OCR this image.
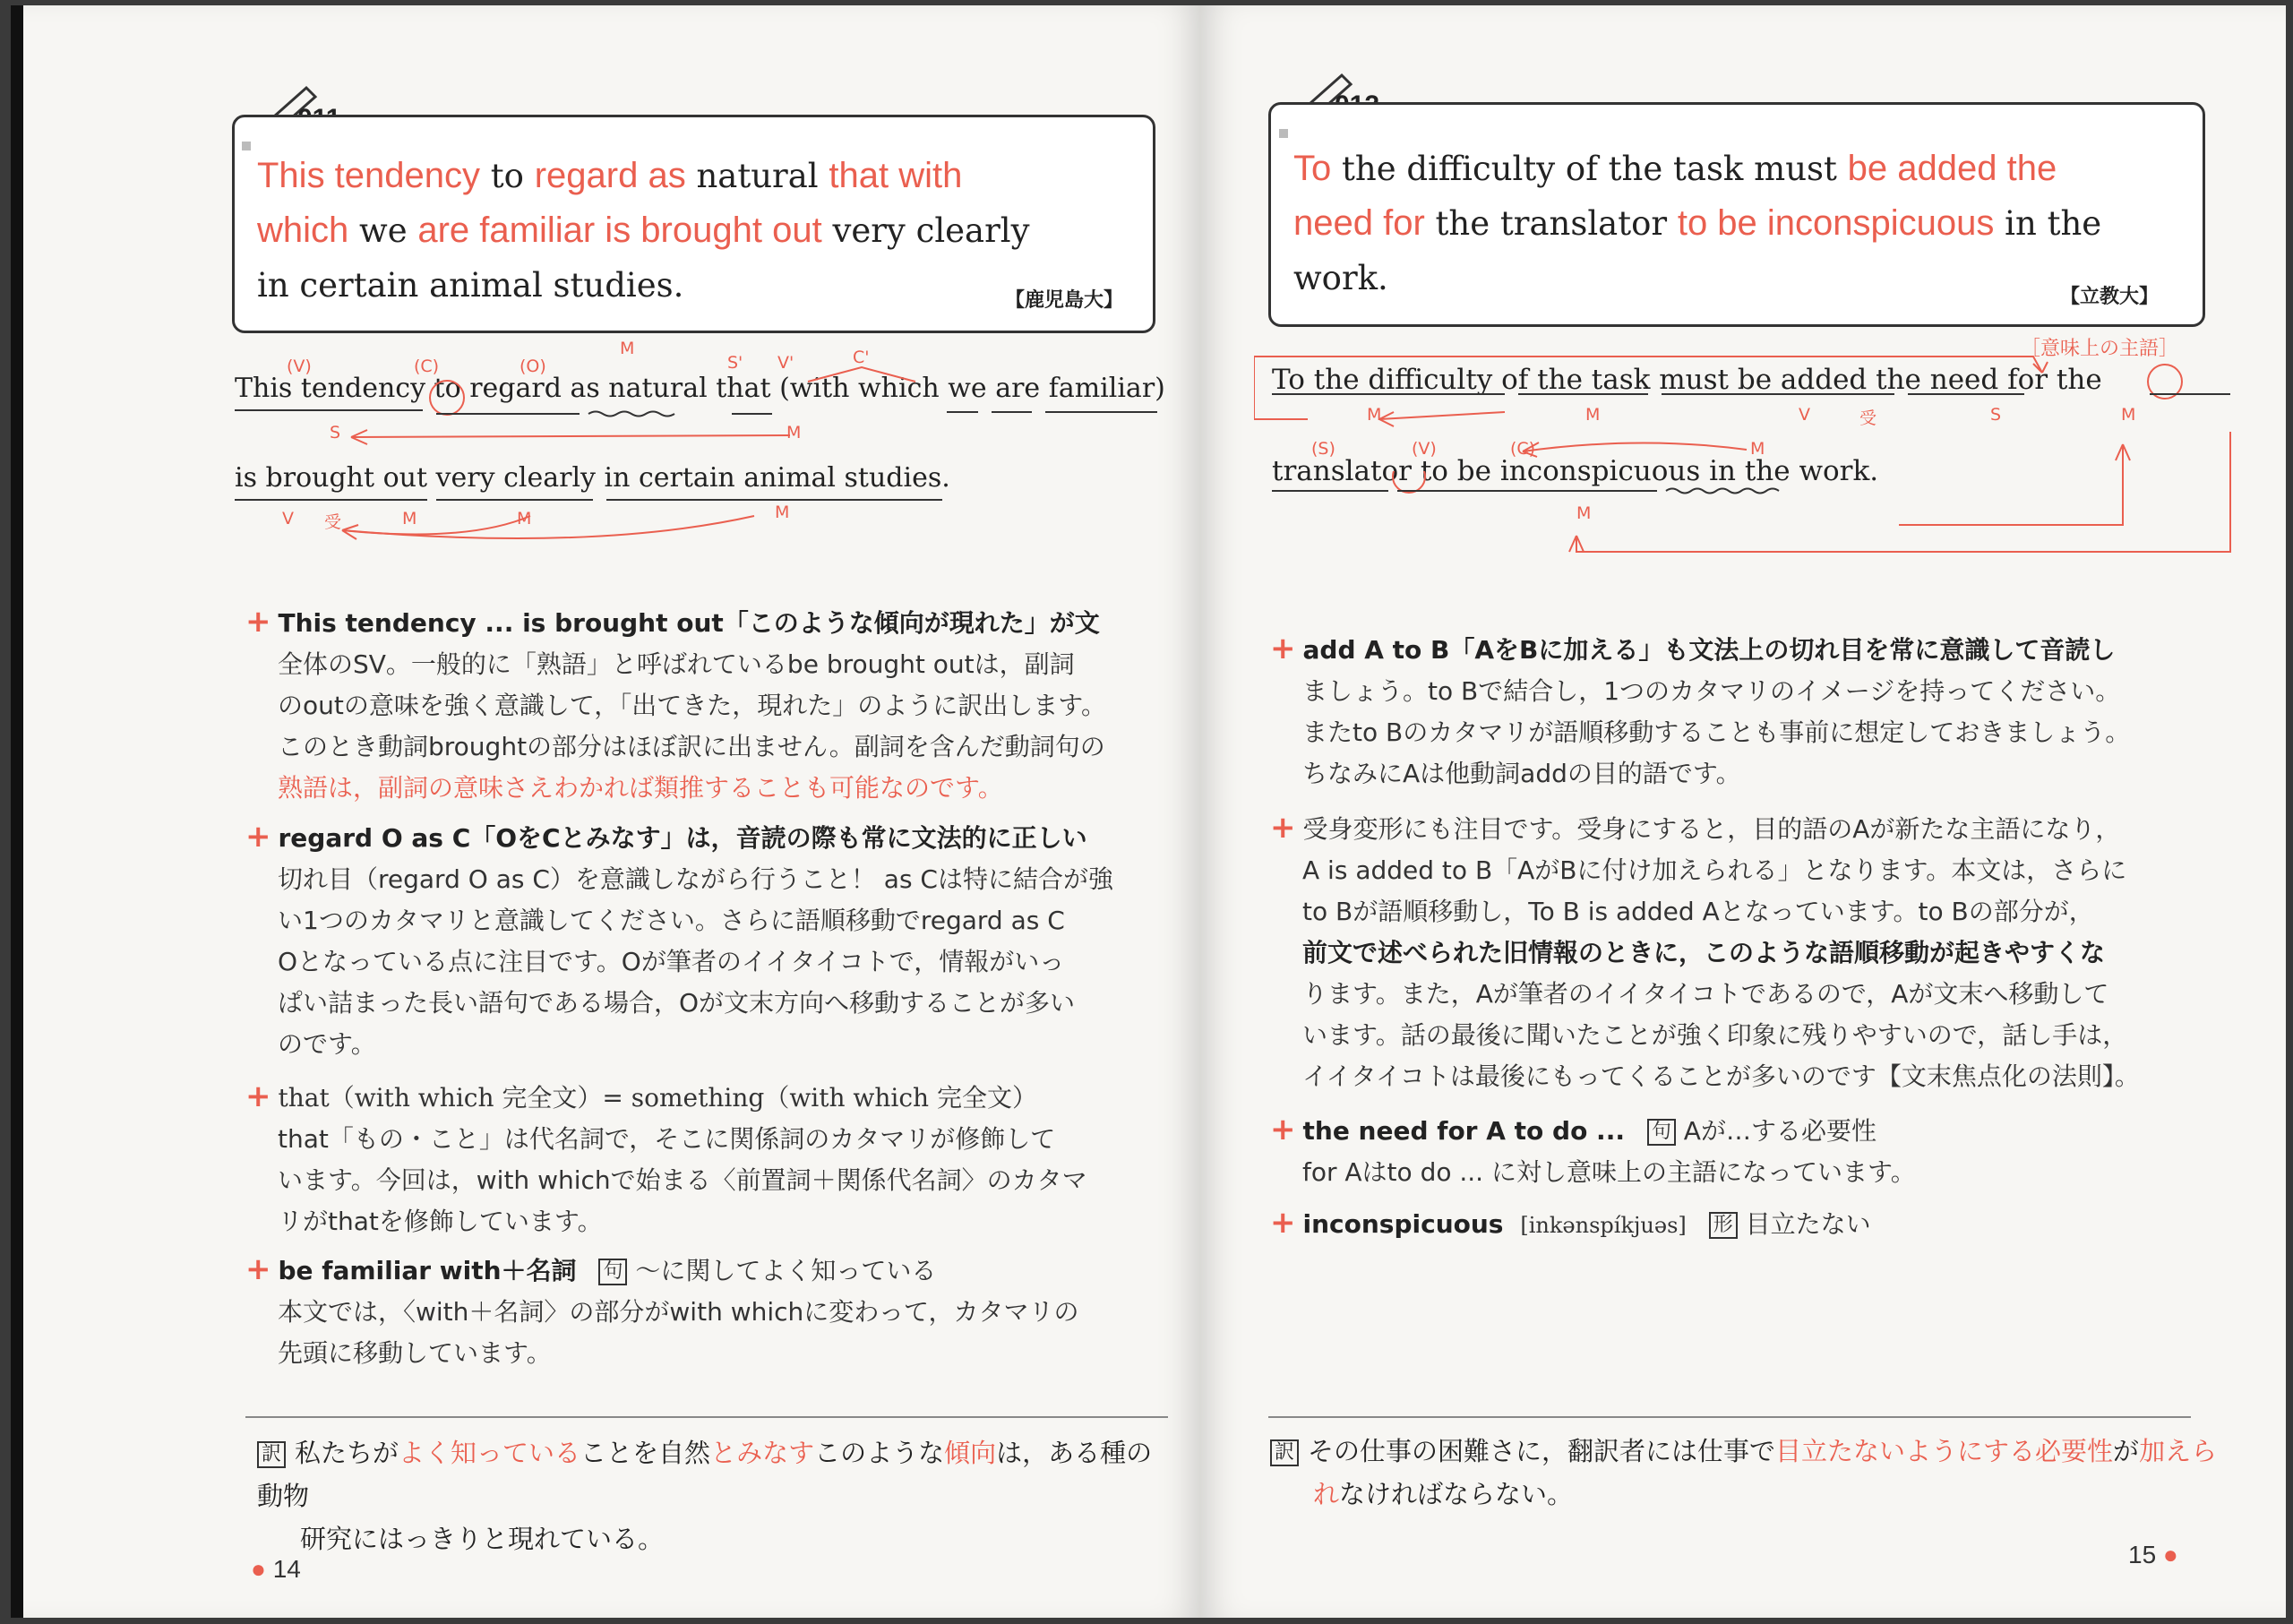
This tendency to regard as natural that with
which we are familiar is brought out very clearly
in certain animal studies.	【鹿児島大】
This tendency to regard as natural that (with which we are familiar)
(V)	(C)	(O)
M
S' V'	C'
S	M
is brought out very clearly in certain animal studies.
V 受	M	M	M
+ This tendency ... is brought out「このような傾向が現れた」が文
全体のSV。一般的に「熟語」と呼ばれているbe brought outは，副詞
のoutの意味を強く意識して，「出てきた，現れた」のように訳出します。
このとき動詞broughtの部分はほぼ訳に出ません。副詞を含んだ動詞句の
熟語は，副詞の意味さえわかれば類推することも可能なのです。
+ regard O as C「OをCとみなす」は，音読の際も常に文法的に正しい
切れ目（regard O as C）を意識しながら行うこと！ as Cは特に結合が強
い1つのカタマリと意識してください。さらに語順移動でregard as C
Oとなっている点に注目です。Oが筆者のイイタイコトで，情報がいっ
ぱい詰まった長い語句である場合，Oが文末方向へ移動することが多い
のです。
+ that（with which 完全文）= something（with which 完全文）
that「もの・こと」は代名詞で，そこに関係詞のカタマリが修飾して
います。今回は，with whichで始まる〈前置詞＋関係代名詞〉のカタマ
リがthatを修飾しています。
+ be familiar with＋名詞 句 ～に関してよく知っている
本文では，〈with＋名詞〉の部分がwith whichに変わって，カタマリの
先頭に移動しています。
訳 私たちがよく知っていることを自然とみなすこのような傾向は，ある種の動物
研究にはっきりと現れている。
● 14
To the difficulty of the task must be added the
need for the translator to be inconspicuous in the
work.	【立教大】
［意味上の主語］
To the difficulty of the task must be added the need for the
M	M	V	受	S	M
(S)	(V)	(C)	M
translator to be inconspicuous in the work.
M
+ add A to B「AをBに加える」も文法上の切れ目を常に意識して音読し
ましょう。to Bで結合し，1つのカタマリのイメージを持ってください。
またto Bのカタマリが語順移動することも事前に想定しておきましょう。
ちなみにAは他動詞addの目的語です。
+ 受身変形にも注目です。受身にすると，目的語のAが新たな主語になり，
A is added to B「AがBに付け加えられる」となります。本文は，さらに
to Bが語順移動し，To B is added Aとなっています。to Bの部分が，
前文で述べられた旧情報のときに，このような語順移動が起きやすくな
ります。また，Aが筆者のイイタイコトであるので，Aが文末へ移動して
います。話の最後に聞いたことが強く印象に残りやすいので，話し手は，
イイタイコトは最後にもってくることが多いのです【文末焦点化の法則】。
+ the need for A to do ... 句 Aが…する必要性
for Aはto do ... に対し意味上の主語になっています。
+ inconspicuous [inkənspíkjuəs] 形 目立たない
訳 その仕事の困難さに，翻訳者には仕事で目立たないようにする必要性が加えら
れなければならない。
15 ●
